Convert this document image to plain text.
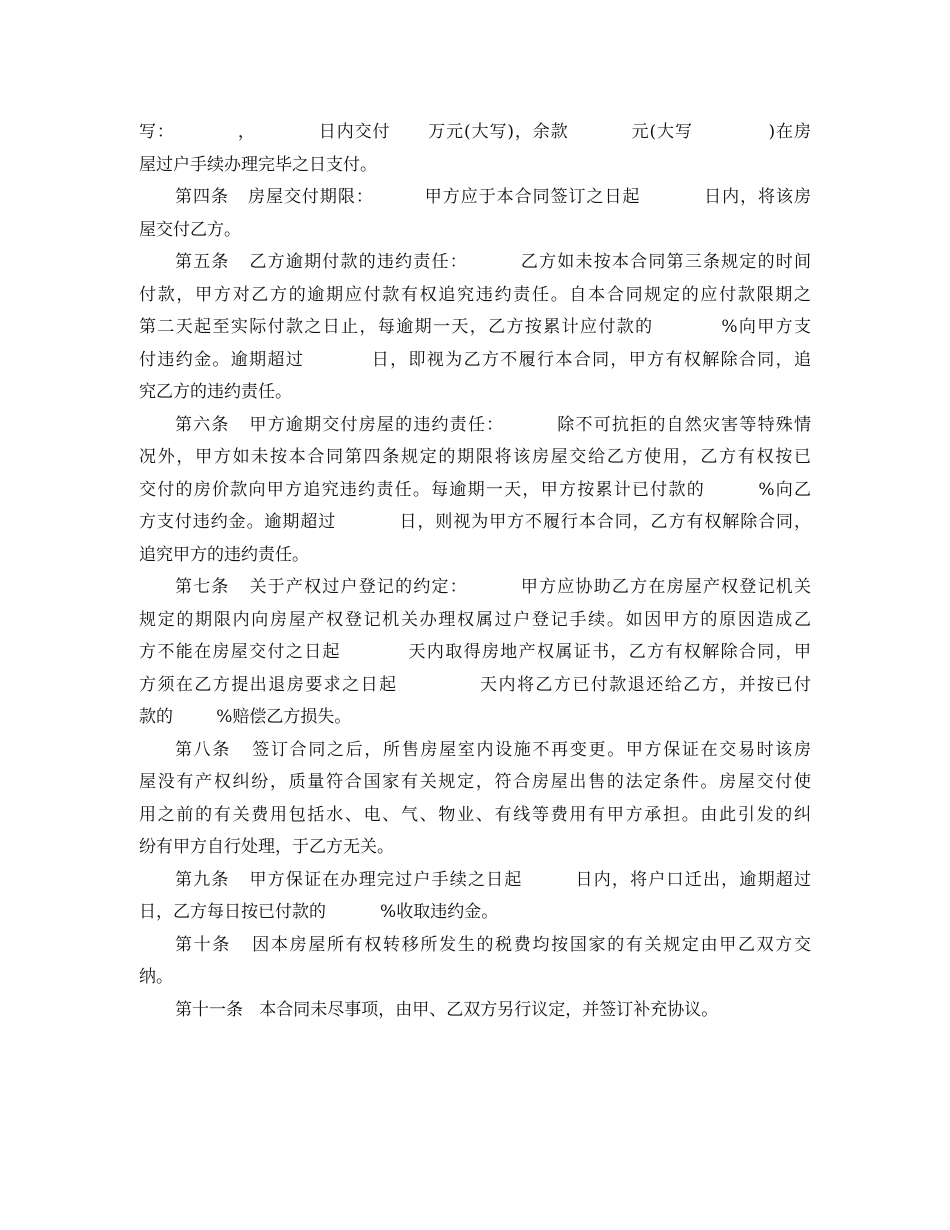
写：          ，          日内交付      万元(大写)，余款          元(大写            )在房
屋过户手续办理完毕之日支付。
第四条   房屋交付期限：        甲方应于本合同签订之日起          日内，将该房
屋交付乙方。
第五条   乙方逾期付款的违约责任：        乙方如未按本合同第三条规定的时间
付款，甲方对乙方的逾期应付款有权追究违约责任。自本合同规定的应付款限期之
第二天起至实际付款之日止，每逾期一天，乙方按累计应付款的          %向甲方支
付违约金。逾期超过          日，即视为乙方不履行本合同，甲方有权解除合同，追
究乙方的违约责任。
第六条   甲方逾期交付房屋的违约责任：        除不可抗拒的自然灾害等特殊情
况外，甲方如未按本合同第四条规定的期限将该房屋交给乙方使用，乙方有权按已
交付的房价款向甲方追究违约责任。每逾期一天，甲方按累计已付款的        %向乙
方支付违约金。逾期超过          日，则视为甲方不履行本合同，乙方有权解除合同，
追究甲方的违约责任。
第七条   关于产权过户登记的约定：        甲方应协助乙方在房屋产权登记机关
规定的期限内向房屋产权登记机关办理权属过户登记手续。如因甲方的原因造成乙
方不能在房屋交付之日起          天内取得房地产权属证书，乙方有权解除合同，甲
方须在乙方提出退房要求之日起            天内将乙方已付款退还给乙方，并按已付
款的        %赔偿乙方损失。
第八条   签订合同之后，所售房屋室内设施不再变更。甲方保证在交易时该房
屋没有产权纠纷，质量符合国家有关规定，符合房屋出售的法定条件。房屋交付使
用之前的有关费用包括水、电、气、物业、有线等费用有甲方承担。由此引发的纠
纷有甲方自行处理，于乙方无关。
第九条   甲方保证在办理完过户手续之日起        日内，将户口迁出，逾期超过
日，乙方每日按已付款的          %收取违约金。
第十条   因本房屋所有权转移所发生的税费均按国家的有关规定由甲乙双方交
纳。
第十一条   本合同未尽事项，由甲、乙双方另行议定，并签订补充协议。
